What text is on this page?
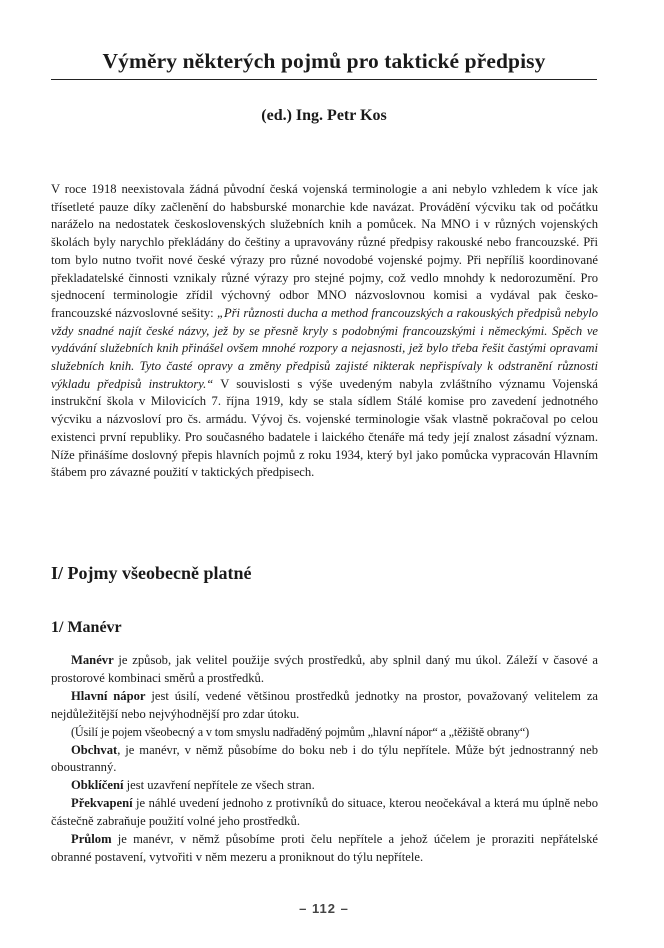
Výměry některých pojmů pro taktické předpisy
(ed.) Ing. Petr Kos

V roce 1918 neexistovala žádná původní česká vojenská terminologie a ani nebylo vzhledem k více jak třísetleté pauze díky začlenění do habsburské monarchie kde navázat. Provádění výcviku tak od počátku naráželo na nedostatek československých služebních knih a pomůcek. Na MNO i v různých vojenských školách byly narychlo překládány do češtiny a upravovány různé předpisy rakouské nebo francouzské. Při tom bylo nutno tvořit nové české výrazy pro různé novodobé vojenské pojmy. Při nepříliš koordinované překladatelské činnosti vznikaly různé výrazy pro stejné pojmy, což vedlo mnohdy k nedorozumění. Pro sjednocení terminologie zřídil výchovný odbor MNO názvoslovnou komisi a vydával pak česko-francouzské názvoslovné sešity: „Při různosti ducha a method francouzských a rakouských předpisů nebylo vždy snadné najít české názvy, jež by se přesně kryly s podobnými francouzskými i německými. Spěch ve vydávání služebních knih přinášel ovšem mnohé rozpory a nejasnosti, jež bylo třeba řešit častými opravami služebních knih. Tyto časté opravy a změny předpisů zajisté nikterak nepřispívaly k odstranění různosti výkladu předpisů instruktory.“ V souvislosti s výše uvedeným nabyla zvláštního významu Vojenská instrukční škola v Milovicích 7. října 1919, kdy se stala sídlem Stálé komise pro zavedení jednotného výcviku a názvosloví pro čs. armádu. Vývoj čs. vojenské terminologie však vlastně pokračoval po celou existenci první republiky. Pro současného badatele i laického čtenáře má tedy její znalost zásadní význam. Níže přinášíme doslovný přepis hlavních pojmů z roku 1934, který byl jako pomůcka vypracován Hlavním štábem pro závazné použití v taktických předpisech.

I/ Pojmy všeobecně platné
1/ Manévr

Manévr je způsob, jak velitel použije svých prostředků, aby splnil daný mu úkol. Záleží v časové a prostorové kombinaci směrů a prostředků.

Hlavní nápor jest úsilí, vedené většinou prostředků jednotky na prostor, považovaný velitelem za nejdůležitější nebo nejvýhodnější pro zdar útoku.

(Úsilí je pojem všeobecný a v tom smyslu nadřaděný pojmům „hlavní nápor“ a „těžiště obrany“)

Obchvat, je manévr, v němž působíme do boku neb i do týlu nepřítele. Může být jednostranný neb oboustranný.

Obklíčení jest uzavření nepřítele ze všech stran.

Překvapení je náhlé uvedení jednoho z protivníků do situace, kterou neočekával a která mu úplně nebo částečně zabraňuje použití volné jeho prostředků.

Průlom je manévr, v němž působíme proti čelu nepřítele a jehož účelem je proraziti nepřátelské obranné postavení, vytvořiti v něm mezeru a proniknout do týlu nepřítele.

– 112 –
